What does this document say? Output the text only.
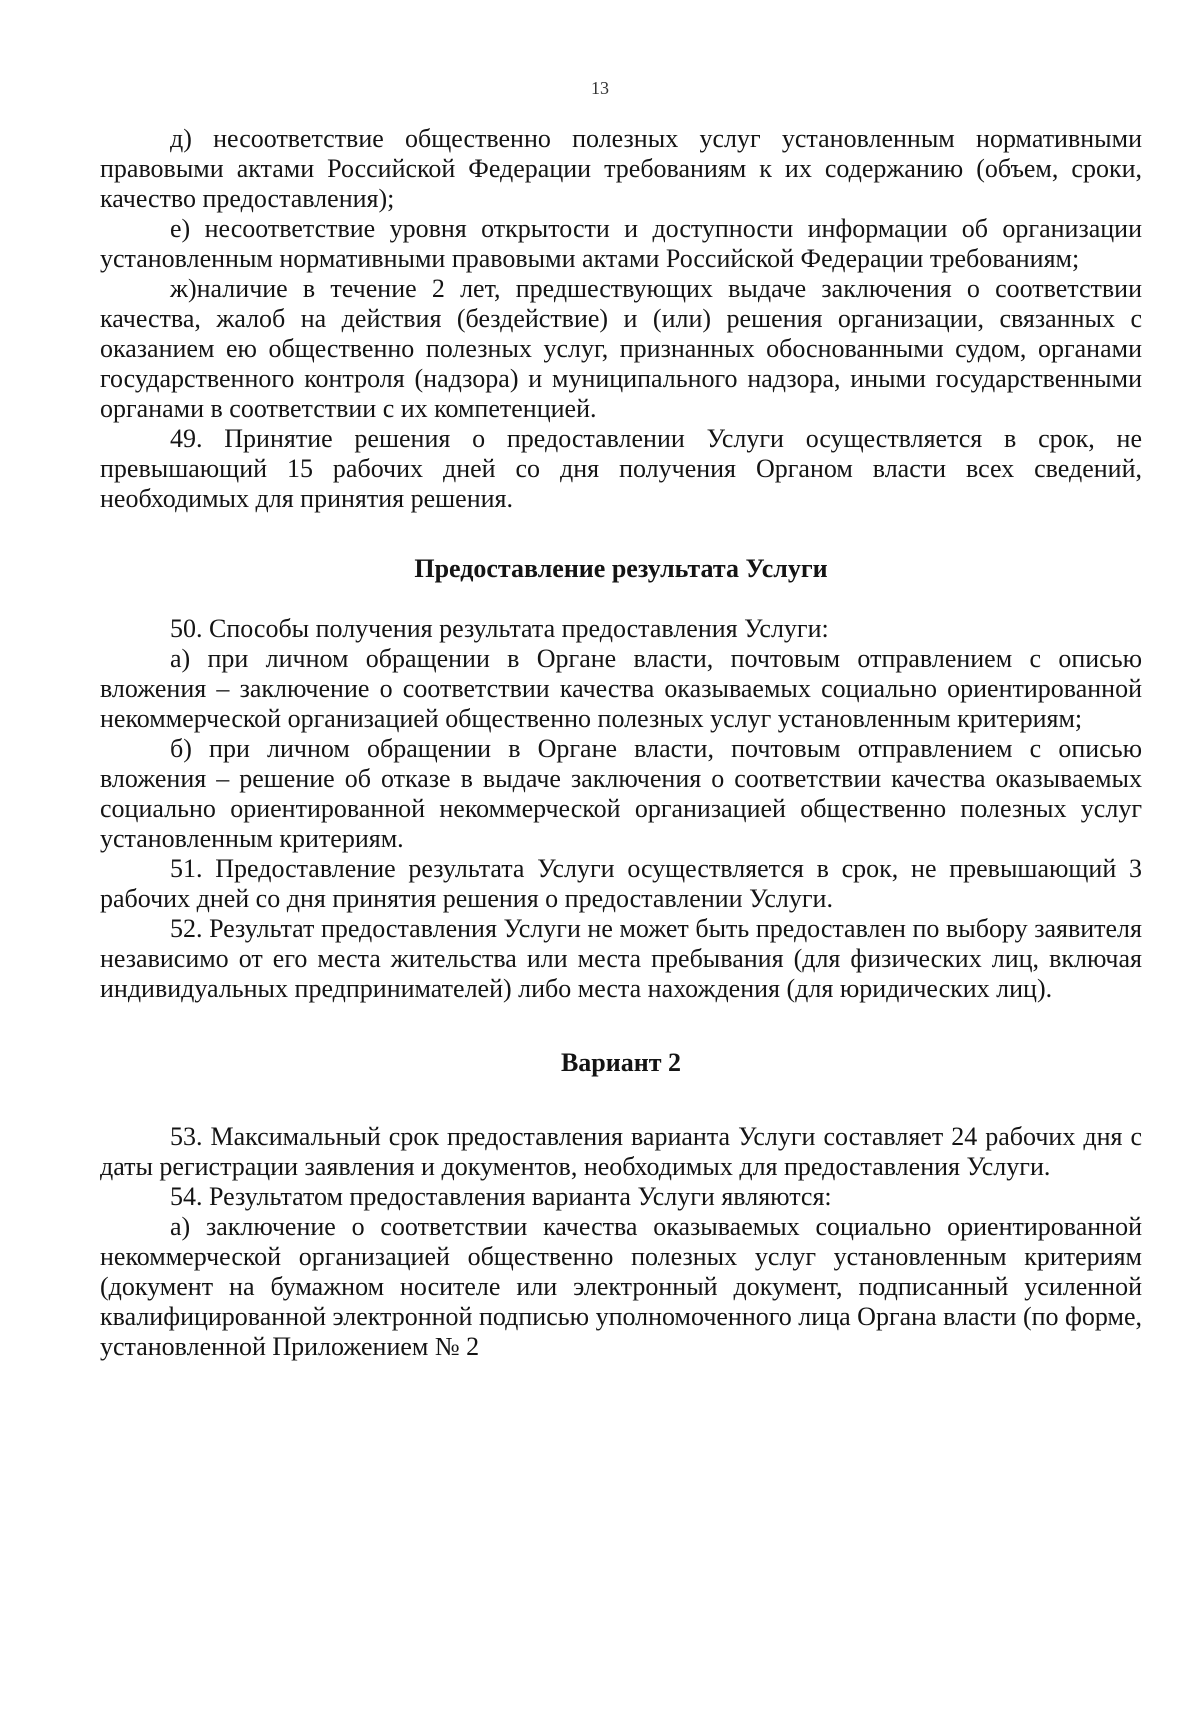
13

д) несоответствие общественно полезных услуг установленным нормативными правовыми актами Российской Федерации требованиям к их содержанию (объем, сроки, качество предоставления);

е) несоответствие уровня открытости и доступности информации об организации установленным нормативными правовыми актами Российской Федерации требованиям;

ж)наличие в течение 2 лет, предшествующих выдаче заключения о соответствии качества, жалоб на действия (бездействие) и (или) решения организации, связанных с оказанием ею общественно полезных услуг, признанных обоснованными судом, органами государственного контроля (надзора) и муниципального надзора, иными государственными органами в соответствии с их компетенцией.

49. Принятие решения о предоставлении Услуги осуществляется в срок, не превышающий 15 рабочих дней со дня получения Органом власти всех сведений, необходимых для принятия решения.

Предоставление результата Услуги

50. Способы получения результата предоставления Услуги:

а) при личном обращении в Органе власти, почтовым отправлением с описью вложения – заключение о соответствии качества оказываемых социально ориентированной некоммерческой организацией общественно полезных услуг установленным критериям;

б) при личном обращении в Органе власти, почтовым отправлением с описью вложения – решение об отказе в выдаче заключения о соответствии качества оказываемых социально ориентированной некоммерческой организацией общественно полезных услуг установленным критериям.

51. Предоставление результата Услуги осуществляется в срок, не превышающий 3 рабочих дней со дня принятия решения о предоставлении Услуги.

52. Результат предоставления Услуги не может быть предоставлен по выбору заявителя независимо от его места жительства или места пребывания (для физических лиц, включая индивидуальных предпринимателей) либо места нахождения (для юридических лиц).

Вариант 2

53. Максимальный срок предоставления варианта Услуги составляет 24 рабочих дня с даты регистрации заявления и документов, необходимых для предоставления Услуги.

54. Результатом предоставления варианта Услуги являются:

а) заключение о соответствии качества оказываемых социально ориентированной некоммерческой организацией общественно полезных услуг установленным критериям (документ на бумажном носителе или электронный документ, подписанный усиленной квалифицированной электронной подписью уполномоченного лица Органа власти (по форме, установленной Приложением № 2
